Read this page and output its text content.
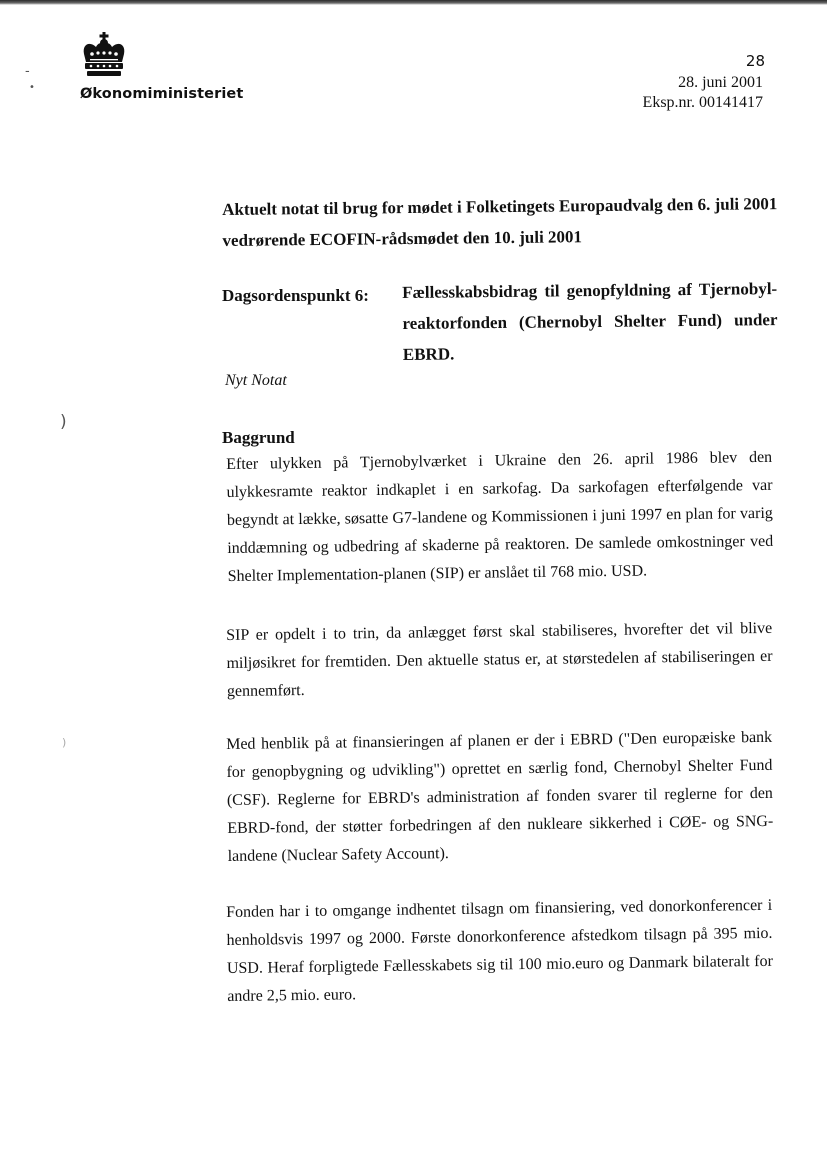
-
•
)
)
Økonomiministeriet
28
28. juni 2001
Eksp.nr. 00141417
Aktuelt notat til brug for mødet i Folketingets Europaudvalg den 6. juli 2001 vedrørende ECOFIN-rådsmødet den 10. juli 2001
Dagsordenspunkt 6: Fællesskabsbidrag til genopfyldning af Tjernobyl-reaktorfonden (Chernobyl Shelter Fund) under EBRD.
Nyt Notat
Baggrund

Efter ulykken på Tjernobylværket i Ukraine den 26. april 1986 blev den ulykkesramte reaktor indkaplet i en sarkofag. Da sarkofagen efterfølgende var begyndt at lække, søsatte G7-landene og Kommissionen i juni 1997 en plan for varig inddæmning og udbedring af skaderne på reaktoren. De samlede omkostninger ved Shelter Implementation-planen (SIP) er anslået til 768 mio. USD.

SIP er opdelt i to trin, da anlægget først skal stabiliseres, hvorefter det vil blive miljøsikret for fremtiden. Den aktuelle status er, at størstedelen af stabiliseringen er gennemført.

Med henblik på at finansieringen af planen er der i EBRD ("Den europæiske bank for genopbygning og udvikling") oprettet en særlig fond, Chernobyl Shelter Fund (CSF). Reglerne for EBRD's administration af fonden svarer til reglerne for den EBRD-fond, der støtter forbedringen af den nukleare sikkerhed i CØE- og SNG-landene (Nuclear Safety Account).

Fonden har i to omgange indhentet tilsagn om finansiering, ved donorkonferencer i henholdsvis 1997 og 2000. Første donorkonference afstedkom tilsagn på 395 mio. USD. Heraf forpligtede Fællesskabets sig til 100 mio.euro og Danmark bilateralt for andre 2,5 mio. euro.
